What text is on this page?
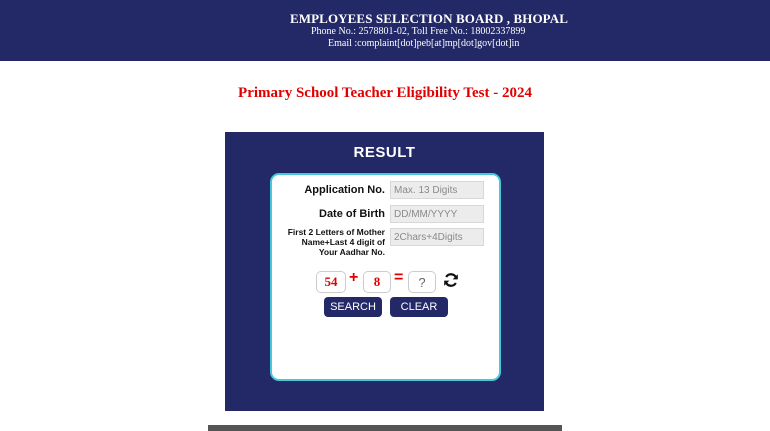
EMPLOYEES SELECTION BOARD , BHOPAL
Phone No.: 2578801-02, Toll Free No.: 18002337899
Email :complaint[dot]peb[at]mp[dot]gov[dot]in
Primary School Teacher Eligibility Test - 2024
RESULT
Application No.
Max. 13 Digits
Date of Birth
DD/MM/YYYY
First 2 Letters of Mother Name+Last 4 digit of Your Aadhar No.
2Chars+4Digits
54 +	8 =
?
SEARCH	CLEAR
